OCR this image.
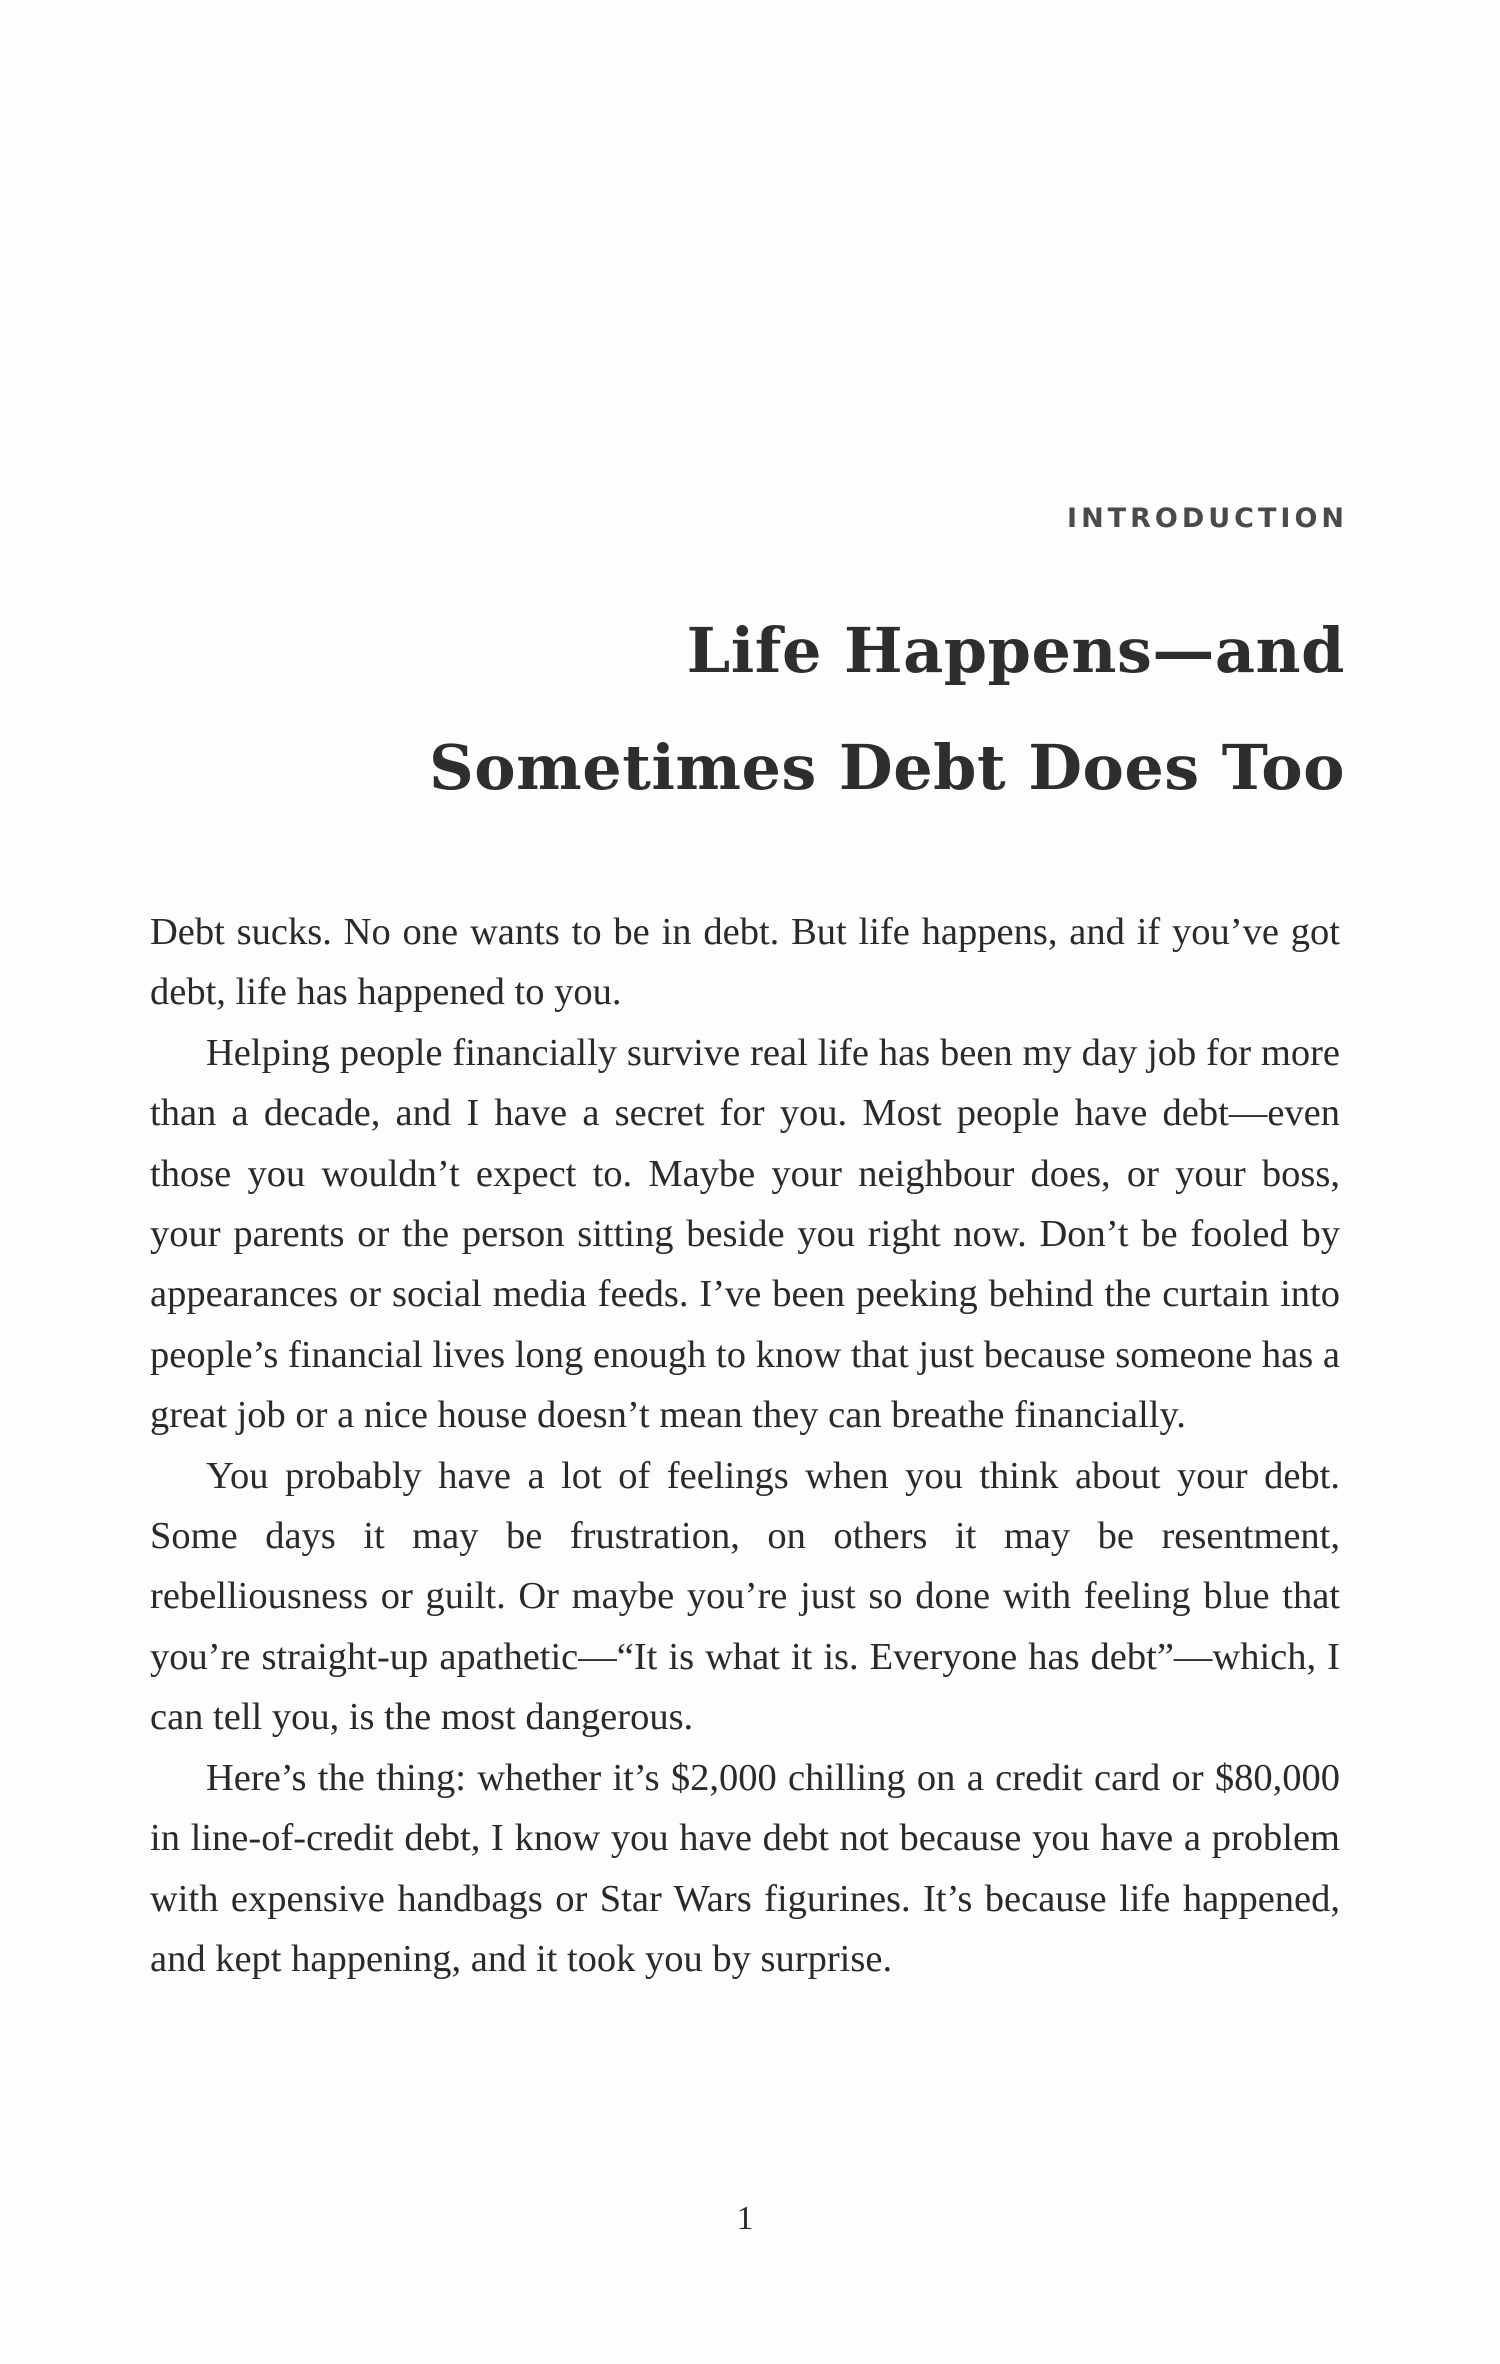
INTRODUCTION

Life Happens—and
Sometimes Debt Does Too

Debt sucks. No one wants to be in debt. But life happens, and if you’ve got debt, life has happened to you.

Helping people financially survive real life has been my day job for more than a decade, and I have a secret for you. Most people have debt—even those you wouldn’t expect to. Maybe your neighbour does, or your boss, your parents or the person sitting beside you right now. Don’t be fooled by appearances or social media feeds. I’ve been peeking behind the curtain into people’s financial lives long enough to know that just because someone has a great job or a nice house doesn’t mean they can breathe financially.

You probably have a lot of feelings when you think about your debt. Some days it may be frustration, on others it may be resentment, rebelliousness or guilt. Or maybe you’re just so done with feeling blue that you’re straight-up apathetic—“It is what it is. Everyone has debt”—which, I can tell you, is the most dangerous.

Here’s the thing: whether it’s $2,000 chilling on a credit card or $80,000 in line-of-credit debt, I know you have debt not because you have a problem with expensive handbags or Star Wars figurines. It’s because life happened, and kept happening, and it took you by surprise.

1
